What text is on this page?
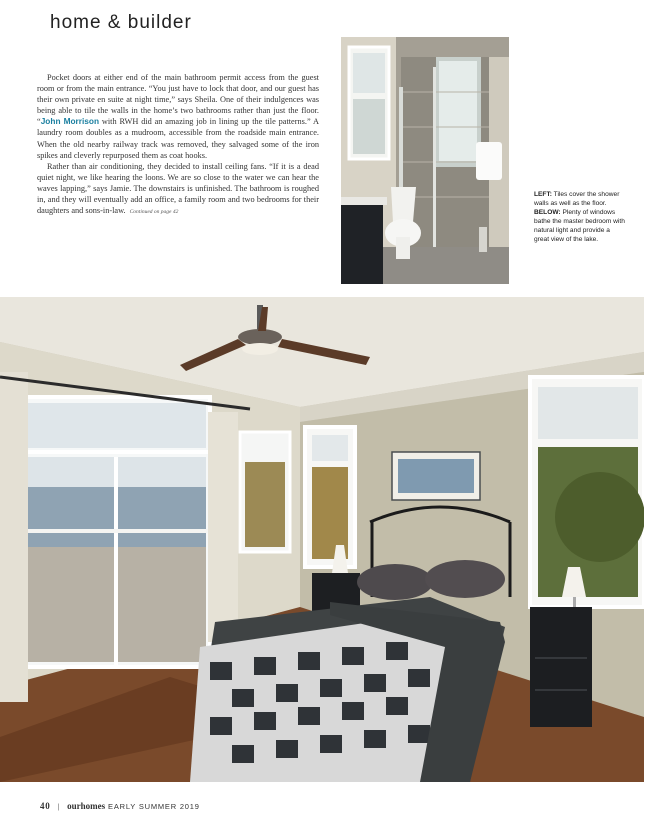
home & builder

Pocket doors at either end of the main bathroom permit access from the guest room or from the main entrance. “You just have to lock that door, and our guest has their own private en suite at night time,” says Sheila. One of their indulgences was being able to tile the walls in the home’s two bathrooms rather than just the floor. “John Morrison with RWH did an amazing job in lining up the tile patterns.” A laundry room doubles as a mudroom, accessible from the roadside main entrance. When the old nearby railway track was removed, they salvaged some of the iron spikes and cleverly repurposed them as coat hooks.

Rather than air conditioning, they decided to install ceiling fans. “If it is a dead quiet night, we like hearing the loons. We are so close to the water we can hear the waves lapping,” says Jamie. The downstairs is unfinished. The bathroom is roughed in, and they will eventually add an office, a family room and two bedrooms for their daughters and sons-in-law. Continued on page 42

LEFT: Tiles cover the shower walls as well as the floor.
BELOW: Plenty of windows bathe the master bedroom with natural light and provide a great view of the lake.
40 | ourhomes EARLY SUMMER 2019
